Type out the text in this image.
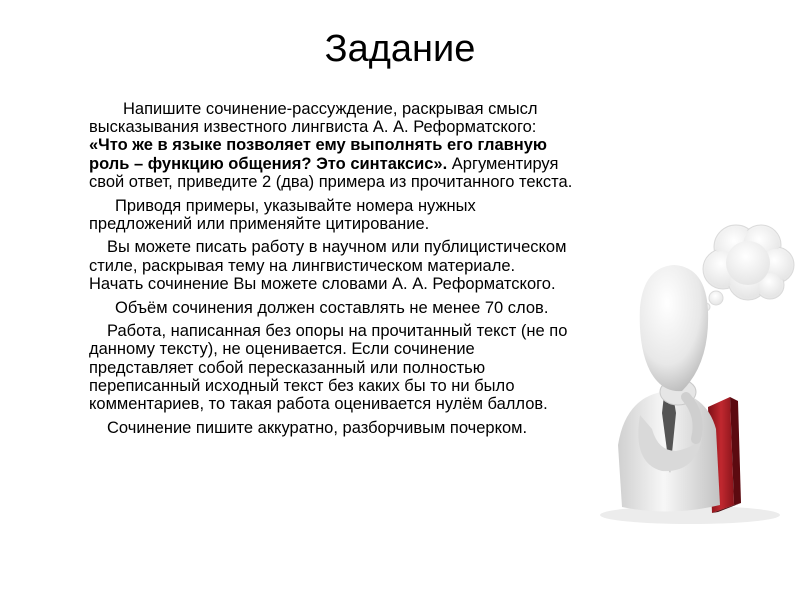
Задание

Напишите сочинение-рассуждение, раскрывая смысл высказывания известного лингвиста А. А. Реформатского: «Что же в языке позволяет ему выполнять его главную роль – функцию общения? Это синтаксис». Аргументируя свой ответ, приведите 2 (два) примера из прочитанного текста.

Приводя примеры, указывайте номера нужных предложений или применяйте цитирование.

Вы можете писать работу в научном или публицистическом стиле, раскрывая тему на лингвистическом материале. Начать сочинение Вы можете словами А. А. Реформатского.

Объём сочинения должен составлять не менее 70 слов.

Работа, написанная без опоры на прочитанный текст (не по данному тексту), не оценивается. Если сочинение представляет собой пересказанный или полностью переписанный исходный текст без каких бы то ни было комментариев, то такая работа оценивается нулём баллов.

Сочинение пишите аккуратно, разборчивым почерком.
